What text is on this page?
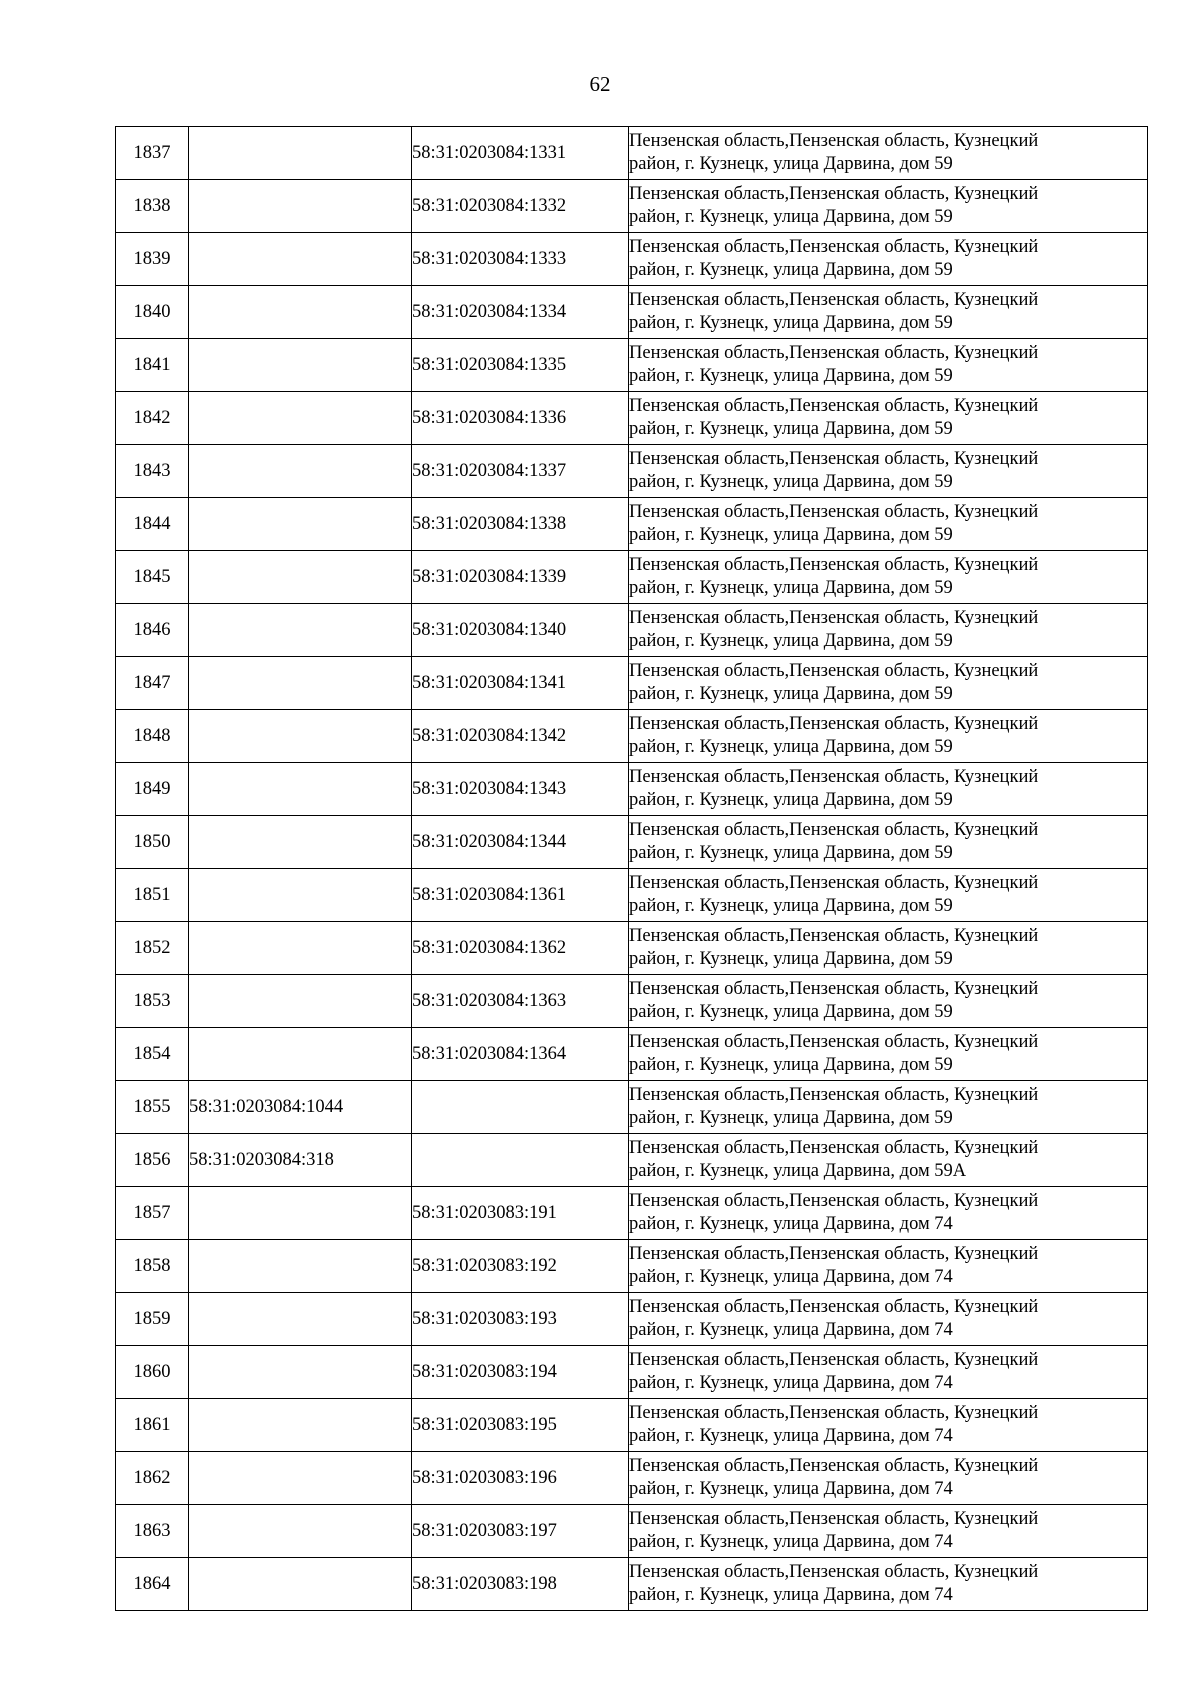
62
1837		58:31:0203084:1331	Пензенская область,Пензенская область, Кузнецкий
район, г. Кузнецк, улица Дарвина, дом 59

1838		58:31:0203084:1332	Пензенская область,Пензенская область, Кузнецкий
район, г. Кузнецк, улица Дарвина, дом 59

1839		58:31:0203084:1333	Пензенская область,Пензенская область, Кузнецкий
район, г. Кузнецк, улица Дарвина, дом 59

1840		58:31:0203084:1334	Пензенская область,Пензенская область, Кузнецкий
район, г. Кузнецк, улица Дарвина, дом 59

1841		58:31:0203084:1335	Пензенская область,Пензенская область, Кузнецкий
район, г. Кузнецк, улица Дарвина, дом 59

1842		58:31:0203084:1336	Пензенская область,Пензенская область, Кузнецкий
район, г. Кузнецк, улица Дарвина, дом 59

1843		58:31:0203084:1337	Пензенская область,Пензенская область, Кузнецкий
район, г. Кузнецк, улица Дарвина, дом 59

1844		58:31:0203084:1338	Пензенская область,Пензенская область, Кузнецкий
район, г. Кузнецк, улица Дарвина, дом 59

1845		58:31:0203084:1339	Пензенская область,Пензенская область, Кузнецкий
район, г. Кузнецк, улица Дарвина, дом 59

1846		58:31:0203084:1340	Пензенская область,Пензенская область, Кузнецкий
район, г. Кузнецк, улица Дарвина, дом 59

1847		58:31:0203084:1341	Пензенская область,Пензенская область, Кузнецкий
район, г. Кузнецк, улица Дарвина, дом 59

1848		58:31:0203084:1342	Пензенская область,Пензенская область, Кузнецкий
район, г. Кузнецк, улица Дарвина, дом 59

1849		58:31:0203084:1343	Пензенская область,Пензенская область, Кузнецкий
район, г. Кузнецк, улица Дарвина, дом 59

1850		58:31:0203084:1344	Пензенская область,Пензенская область, Кузнецкий
район, г. Кузнецк, улица Дарвина, дом 59

1851		58:31:0203084:1361	Пензенская область,Пензенская область, Кузнецкий
район, г. Кузнецк, улица Дарвина, дом 59

1852		58:31:0203084:1362	Пензенская область,Пензенская область, Кузнецкий
район, г. Кузнецк, улица Дарвина, дом 59

1853		58:31:0203084:1363	Пензенская область,Пензенская область, Кузнецкий
район, г. Кузнецк, улица Дарвина, дом 59

1854		58:31:0203084:1364	Пензенская область,Пензенская область, Кузнецкий
район, г. Кузнецк, улица Дарвина, дом 59

1855	58:31:0203084:1044		Пензенская область,Пензенская область, Кузнецкий
район, г. Кузнецк, улица Дарвина, дом 59

1856	58:31:0203084:318		Пензенская область,Пензенская область, Кузнецкий
район, г. Кузнецк, улица Дарвина, дом 59А

1857		58:31:0203083:191	Пензенская область,Пензенская область, Кузнецкий
район, г. Кузнецк, улица Дарвина, дом 74

1858		58:31:0203083:192	Пензенская область,Пензенская область, Кузнецкий
район, г. Кузнецк, улица Дарвина, дом 74

1859		58:31:0203083:193	Пензенская область,Пензенская область, Кузнецкий
район, г. Кузнецк, улица Дарвина, дом 74

1860		58:31:0203083:194	Пензенская область,Пензенская область, Кузнецкий
район, г. Кузнецк, улица Дарвина, дом 74

1861		58:31:0203083:195	Пензенская область,Пензенская область, Кузнецкий
район, г. Кузнецк, улица Дарвина, дом 74

1862		58:31:0203083:196	Пензенская область,Пензенская область, Кузнецкий
район, г. Кузнецк, улица Дарвина, дом 74

1863		58:31:0203083:197	Пензенская область,Пензенская область, Кузнецкий
район, г. Кузнецк, улица Дарвина, дом 74

1864		58:31:0203083:198	Пензенская область,Пензенская область, Кузнецкий
район, г. Кузнецк, улица Дарвина, дом 74
